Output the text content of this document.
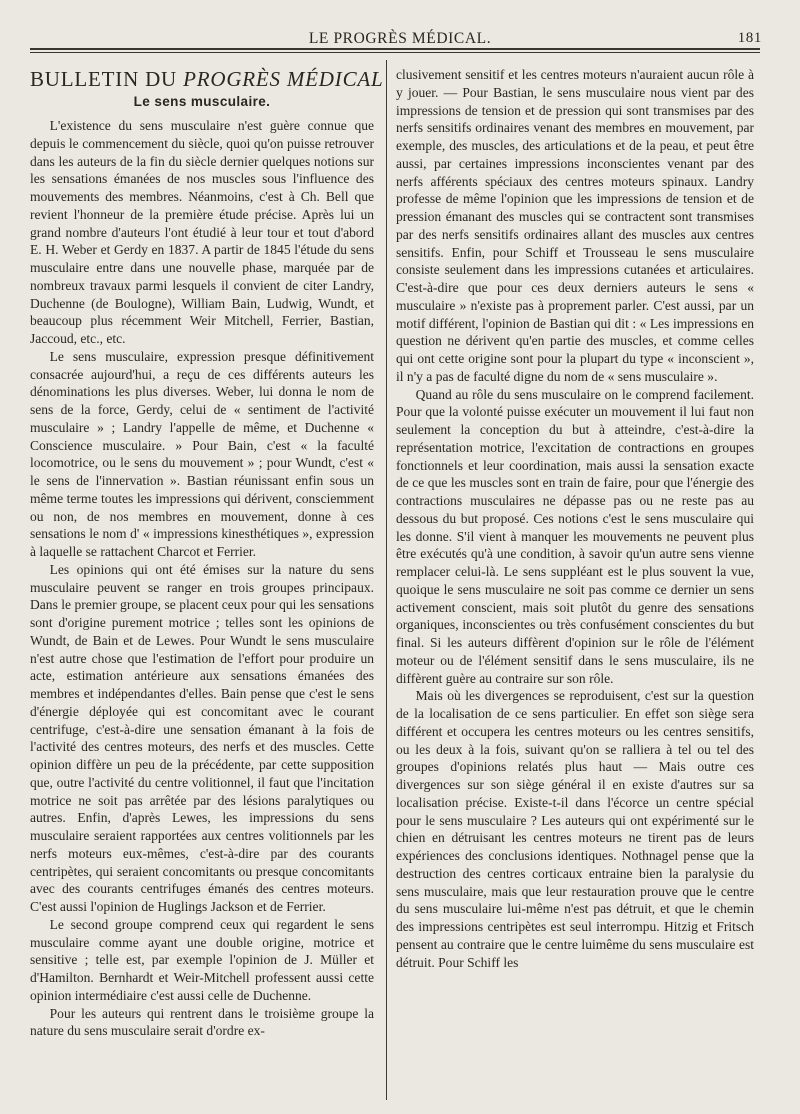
LE PROGRÈS MÉDICAL.	181
BULLETIN DU PROGRÈS MÉDICAL
Le sens musculaire.

L'existence du sens musculaire n'est guère connue que depuis le commencement du siècle, quoi qu'on puisse retrouver dans les auteurs de la fin du siècle dernier quelques notions sur les sensations émanées de nos muscles sous l'influence des mouvements des membres. Néanmoins, c'est à Ch. Bell que revient l'honneur de la première étude précise. Après lui un grand nombre d'auteurs l'ont étudié à leur tour et tout d'abord E. H. Weber et Gerdy en 1837. A partir de 1845 l'étude du sens musculaire entre dans une nouvelle phase, marquée par de nombreux travaux parmi lesquels il convient de citer Landry, Duchenne (de Boulogne), William Bain, Ludwig, Wundt, et beaucoup plus récemment Weir Mitchell, Ferrier, Bastian, Jaccoud, etc., etc.

Le sens musculaire, expression presque définitivement consacrée aujourd'hui, a reçu de ces différents auteurs les dénominations les plus diverses. Weber, lui donna le nom de sens de la force, Gerdy, celui de « sentiment de l'activité musculaire » ; Landry l'appelle de même, et Duchenne « Conscience musculaire. » Pour Bain, c'est « la faculté locomotrice, ou le sens du mouvement » ; pour Wundt, c'est « le sens de l'innervation ». Bastian réunissant enfin sous un même terme toutes les impressions qui dérivent, consciemment ou non, de nos membres en mouvement, donne à ces sensations le nom d' « impressions kinesthétiques », expression à laquelle se rattachent Charcot et Ferrier.

Les opinions qui ont été émises sur la nature du sens musculaire peuvent se ranger en trois groupes principaux. Dans le premier groupe, se placent ceux pour qui les sensations sont d'origine purement motrice ; telles sont les opinions de Wundt, de Bain et de Lewes. Pour Wundt le sens musculaire n'est autre chose que l'estimation de l'effort pour produire un acte, estimation antérieure aux sensations émanées des membres et indépendantes d'elles. Bain pense que c'est le sens d'énergie déployée qui est concomitant avec le courant centrifuge, c'est-à-dire une sensation émanant à la fois de l'activité des centres moteurs, des nerfs et des muscles. Cette opinion diffère un peu de la précédente, par cette supposition que, outre l'activité du centre volitionnel, il faut que l'incitation motrice ne soit pas arrêtée par des lésions paralytiques ou autres. Enfin, d'après Lewes, les impressions du sens musculaire seraient rapportées aux centres volitionnels par les nerfs moteurs eux-mêmes, c'est-à-dire par des courants centripètes, qui seraient concomitants ou presque concomitants avec des courants centrifuges émanés des centres moteurs. C'est aussi l'opinion de Huglings Jackson et de Ferrier.

Le second groupe comprend ceux qui regardent le sens musculaire comme ayant une double origine, motrice et sensitive ; telle est, par exemple l'opinion de J. Müller et d'Hamilton. Bernhardt et Weir-Mitchell professent aussi cette opinion intermédiaire c'est aussi celle de Duchenne.

Pour les auteurs qui rentrent dans le troisième groupe la nature du sens musculaire serait d'ordre ex-

clusivement sensitif et les centres moteurs n'auraient aucun rôle à y jouer. — Pour Bastian, le sens musculaire nous vient par des impressions de tension et de pression qui sont transmises par des nerfs sensitifs ordinaires venant des membres en mouvement, par exemple, des muscles, des articulations et de la peau, et peut être aussi, par certaines impressions inconscientes venant par des nerfs afférents spéciaux des centres moteurs spinaux. Landry professe de même l'opinion que les impressions de tension et de pression émanant des muscles qui se contractent sont transmises par des nerfs sensitifs ordinaires allant des muscles aux centres sensitifs. Enfin, pour Schiff et Trousseau le sens musculaire consiste seulement dans les impressions cutanées et articulaires. C'est-à-dire que pour ces deux derniers auteurs le sens « musculaire » n'existe pas à proprement parler. C'est aussi, par un motif différent, l'opinion de Bastian qui dit : « Les impressions en question ne dérivent qu'en partie des muscles, et comme celles qui ont cette origine sont pour la plupart du type « inconscient », il n'y a pas de faculté digne du nom de « sens musculaire ».

Quand au rôle du sens musculaire on le comprend facilement. Pour que la volonté puisse exécuter un mouvement il lui faut non seulement la conception du but à atteindre, c'est-à-dire la représentation motrice, l'excitation de contractions en groupes fonctionnels et leur coordination, mais aussi la sensation exacte de ce que les muscles sont en train de faire, pour que l'énergie des contractions musculaires ne dépasse pas ou ne reste pas au dessous du but proposé. Ces notions c'est le sens musculaire qui les donne. S'il vient à manquer les mouvements ne peuvent plus être exécutés qu'à une condition, à savoir qu'un autre sens vienne remplacer celui-là. Le sens suppléant est le plus souvent la vue, quoique le sens musculaire ne soit pas comme ce dernier un sens activement conscient, mais soit plutôt du genre des sensations organiques, inconscientes ou très confusément conscientes du but final. Si les auteurs diffèrent d'opinion sur le rôle de l'élément moteur ou de l'élément sensitif dans le sens musculaire, ils ne diffèrent guère au contraire sur son rôle.

Mais où les divergences se reproduisent, c'est sur la question de la localisation de ce sens particulier. En effet son siège sera différent et occupera les centres moteurs ou les centres sensitifs, ou les deux à la fois, suivant qu'on se ralliera à tel ou tel des groupes d'opinions relatés plus haut — Mais outre ces divergences sur son siège général il en existe d'autres sur sa localisation précise. Existe-t-il dans l'écorce un centre spécial pour le sens musculaire ? Les auteurs qui ont expérimenté sur le chien en détruisant les centres moteurs ne tirent pas de leurs expériences des conclusions identiques. Nothnagel pense que la destruction des centres corticaux entraine bien la paralysie du sens musculaire, mais que leur restauration prouve que le centre du sens musculaire lui-même n'est pas détruit, et que le chemin des impressions centripètes est seul interrompu. Hitzig et Fritsch pensent au contraire que le centre luimême du sens musculaire est détruit. Pour Schiff les
